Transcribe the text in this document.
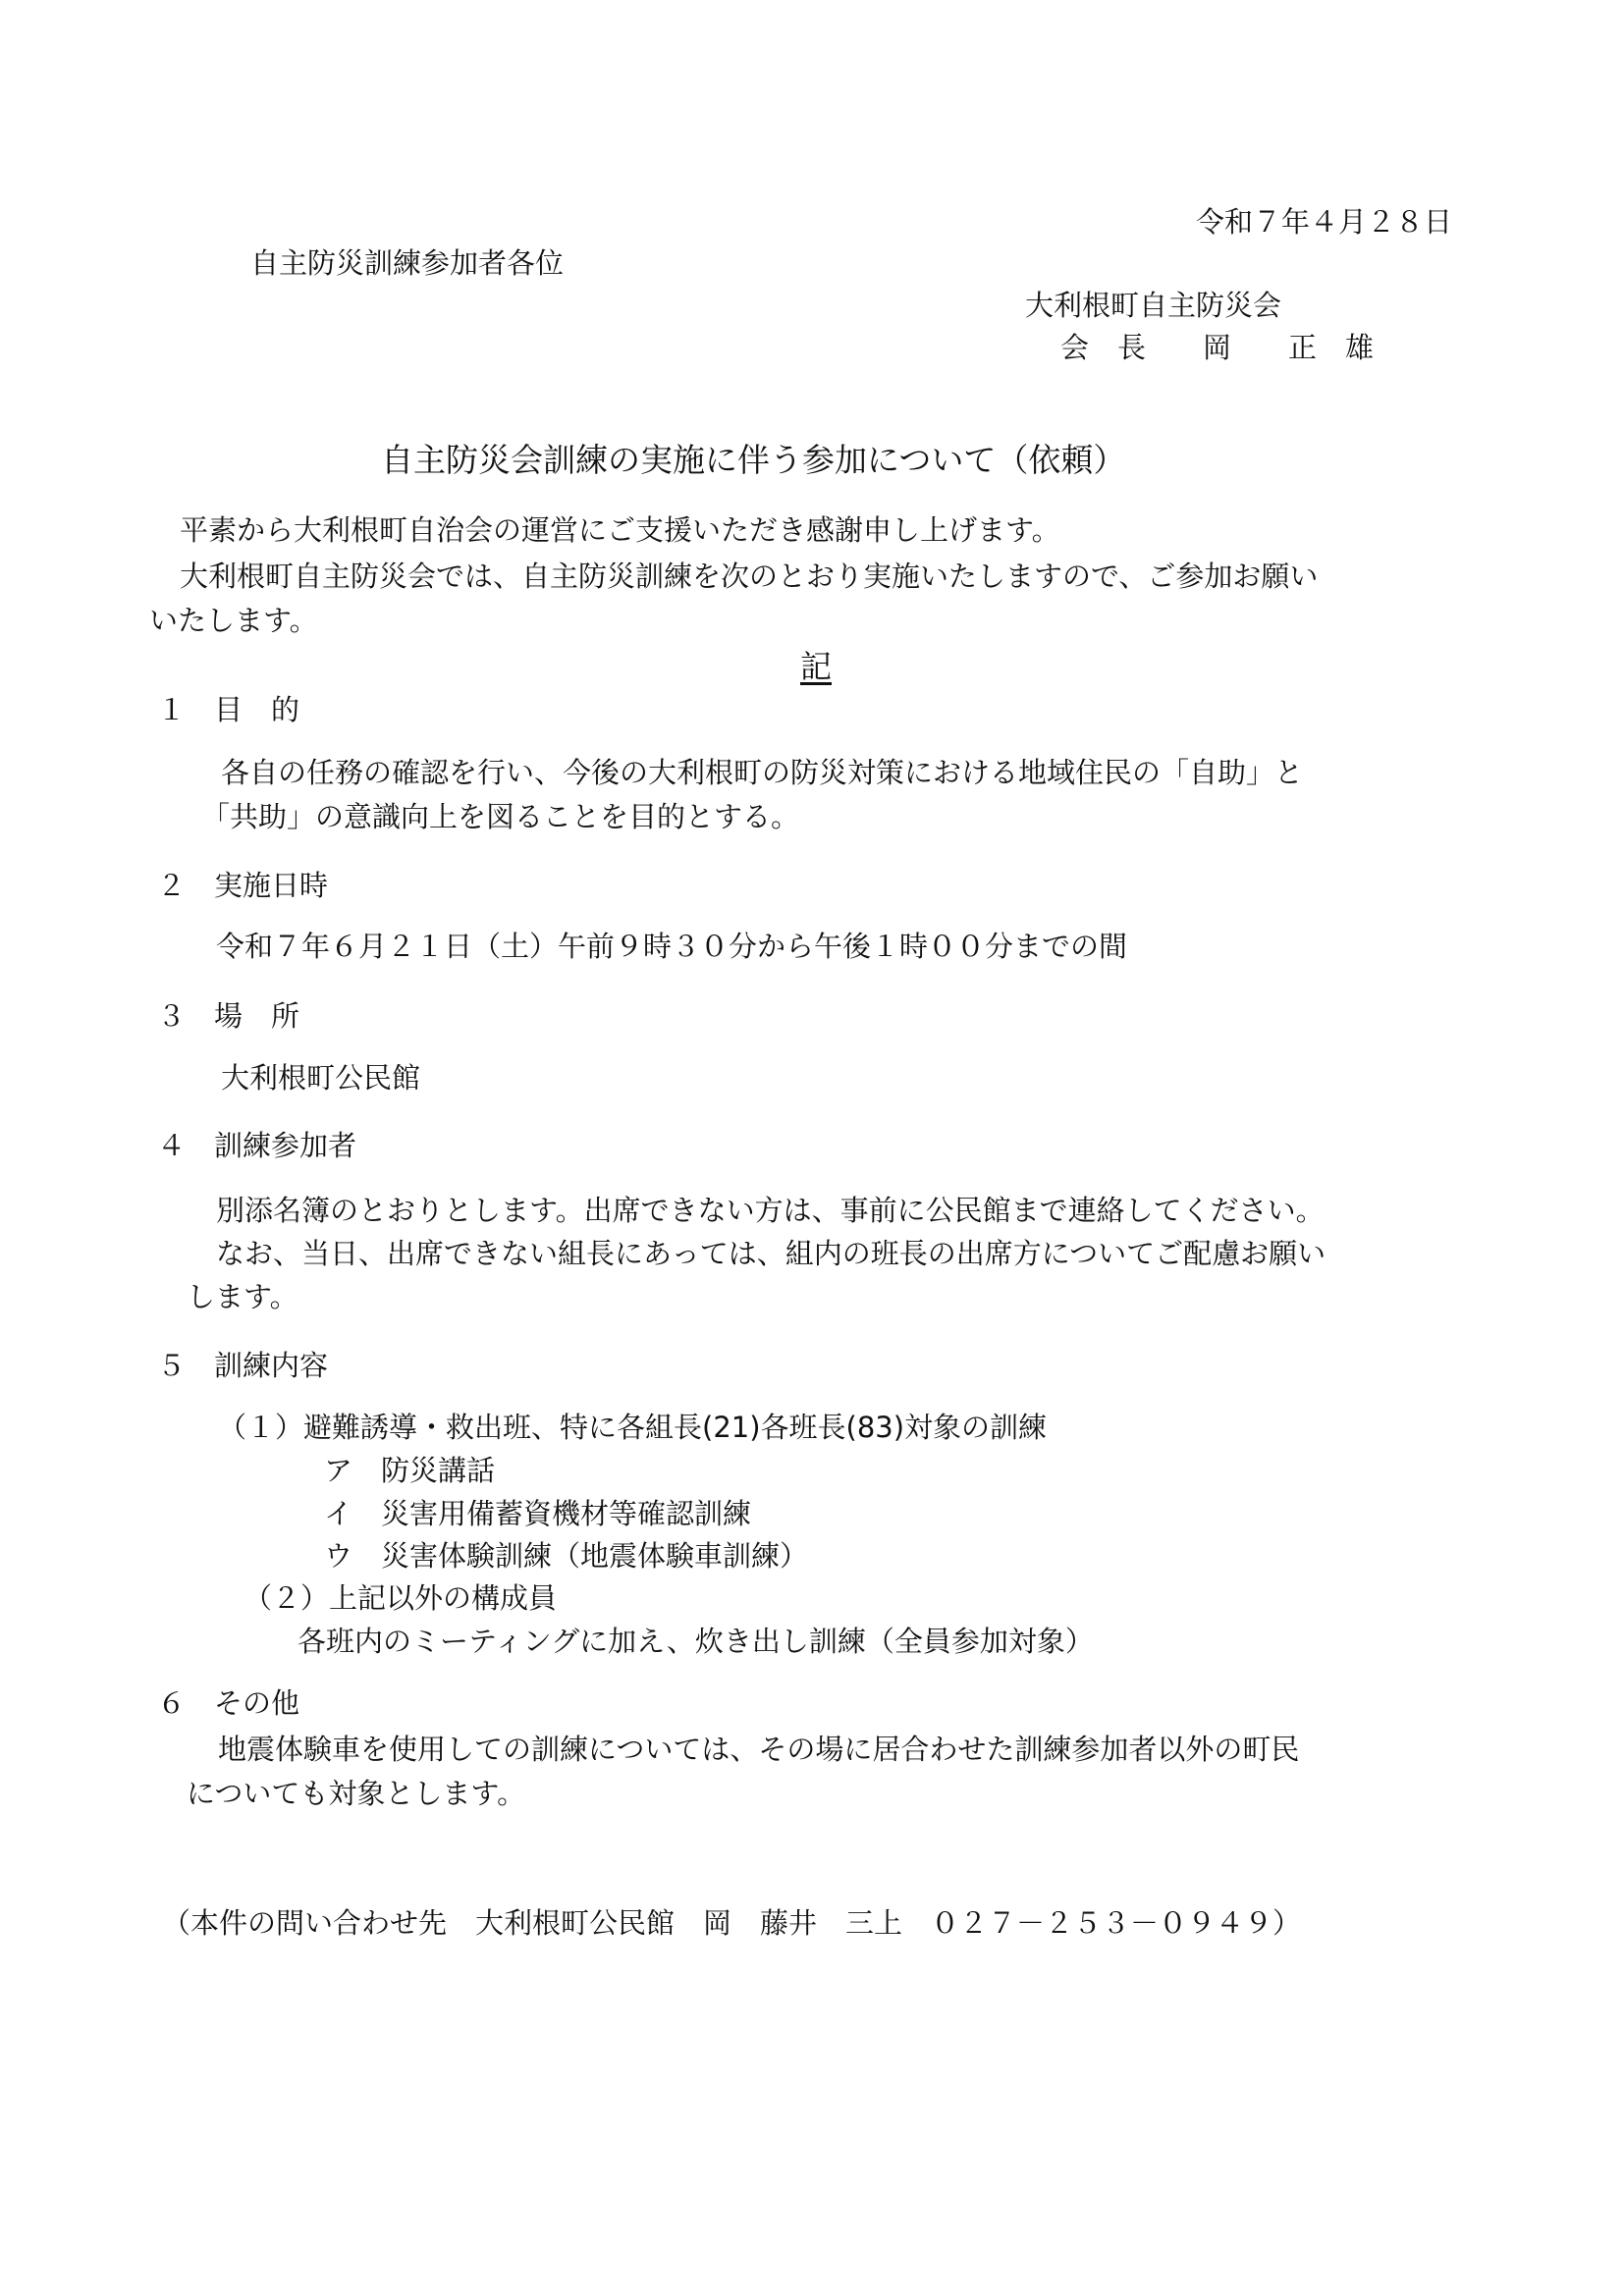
令和７年４月２８日
自主防災訓練参加者各位
大利根町自主防災会
会　長　　岡　　正　雄
自主防災会訓練の実施に伴う参加について（依頼）
平素から大利根町自治会の運営にご支援いただき感謝申し上げます。
大利根町自主防災会では、自主防災訓練を次のとおり実施いたしますので、ご参加お願い
いたします。
記
１　目　的
各自の任務の確認を行い、今後の大利根町の防災対策における地域住民の「自助」と
「共助」の意識向上を図ることを目的とする。
２　実施日時
令和７年６月２１日（土）午前９時３０分から午後１時００分までの間
３　場　所
大利根町公民館
４　訓練参加者
別添名簿のとおりとします。出席できない方は、事前に公民館まで連絡してください。
なお、当日、出席できない組長にあっては、組内の班長の出席方についてご配慮お願い
します。
５　訓練内容
（１）避難誘導・救出班、特に各組長(21)各班長(83)対象の訓練
ア　防災講話
イ　災害用備蓄資機材等確認訓練
ウ　災害体験訓練（地震体験車訓練）
（２）上記以外の構成員
各班内のミーティングに加え、炊き出し訓練（全員参加対象）
６　その他
地震体験車を使用しての訓練については、その場に居合わせた訓練参加者以外の町民
についても対象とします。
（本件の問い合わせ先　大利根町公民館　岡　藤井　三上　０２７－２５３－０９４９）
